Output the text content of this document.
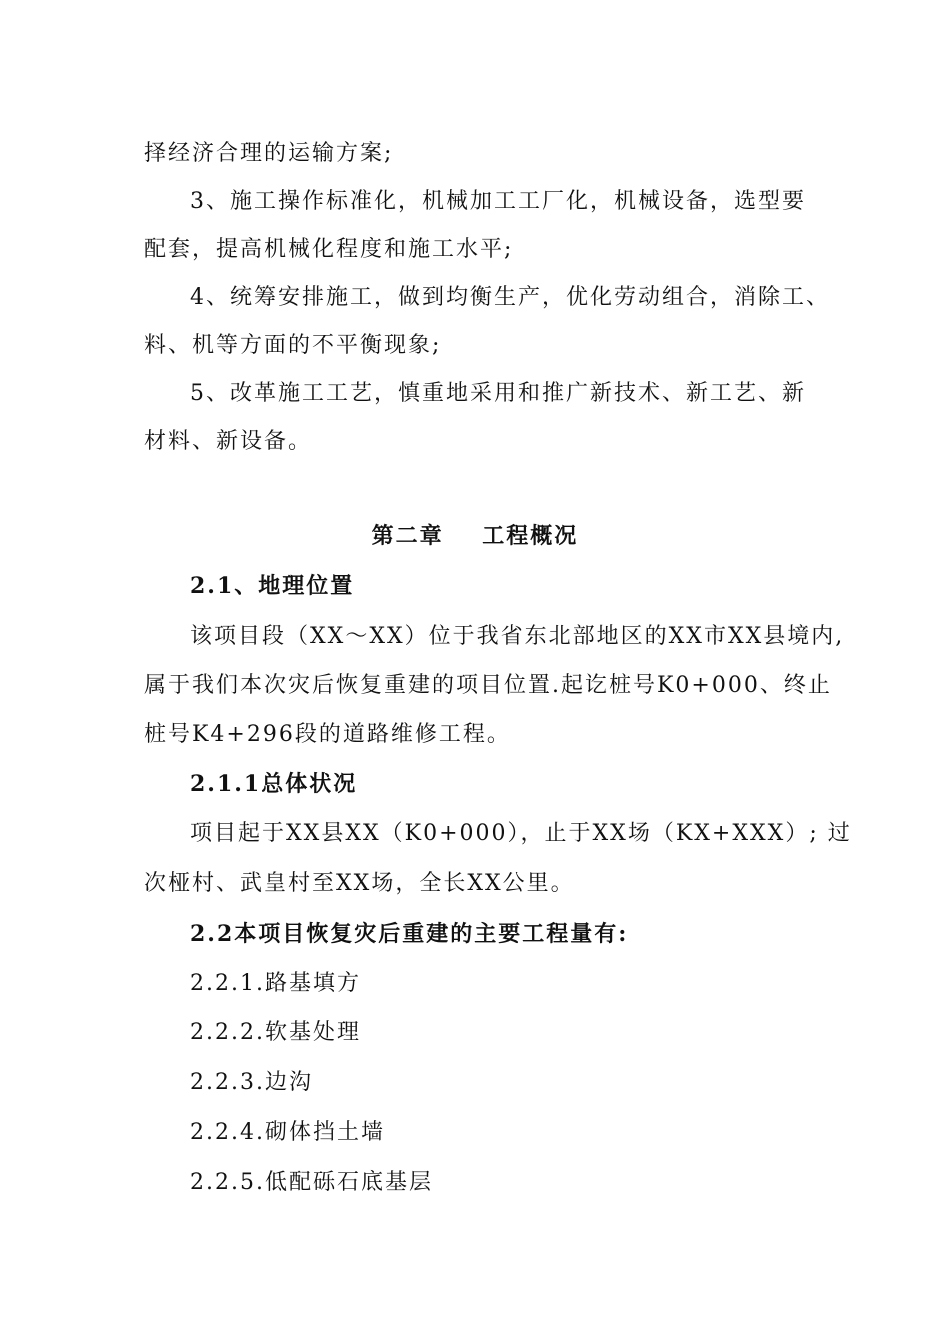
择经济合理的运输方案;
3、施工操作标准化，机械加工工厂化，机械设备，选型要
配套，提高机械化程度和施工水平;
4、统筹安排施工，做到均衡生产，优化劳动组合，消除工、
料、机等方面的不平衡现象;
5、改革施工工艺，慎重地采用和推广新技术、新工艺、新
材料、新设备。
第二章    工程概况
2.1、地理位置
该项目段（XX～XX）位于我省东北部地区的XX市XX县境内,
属于我们本次灾后恢复重建的项目位置.起讫桩号K0+000、终止
桩号K4+296段的道路维修工程。
2.1.1总体状况
项目起于XX县XX（K0+000），止于XX场（KX+XXX）; 过
次桠村、武皇村至XX场，全长XX公里。
2.2本项目恢复灾后重建的主要工程量有:
2.2.1.路基填方
2.2.2.软基处理
2.2.3.边沟
2.2.4.砌体挡土墙
2.2.5.低配砾石底基层
